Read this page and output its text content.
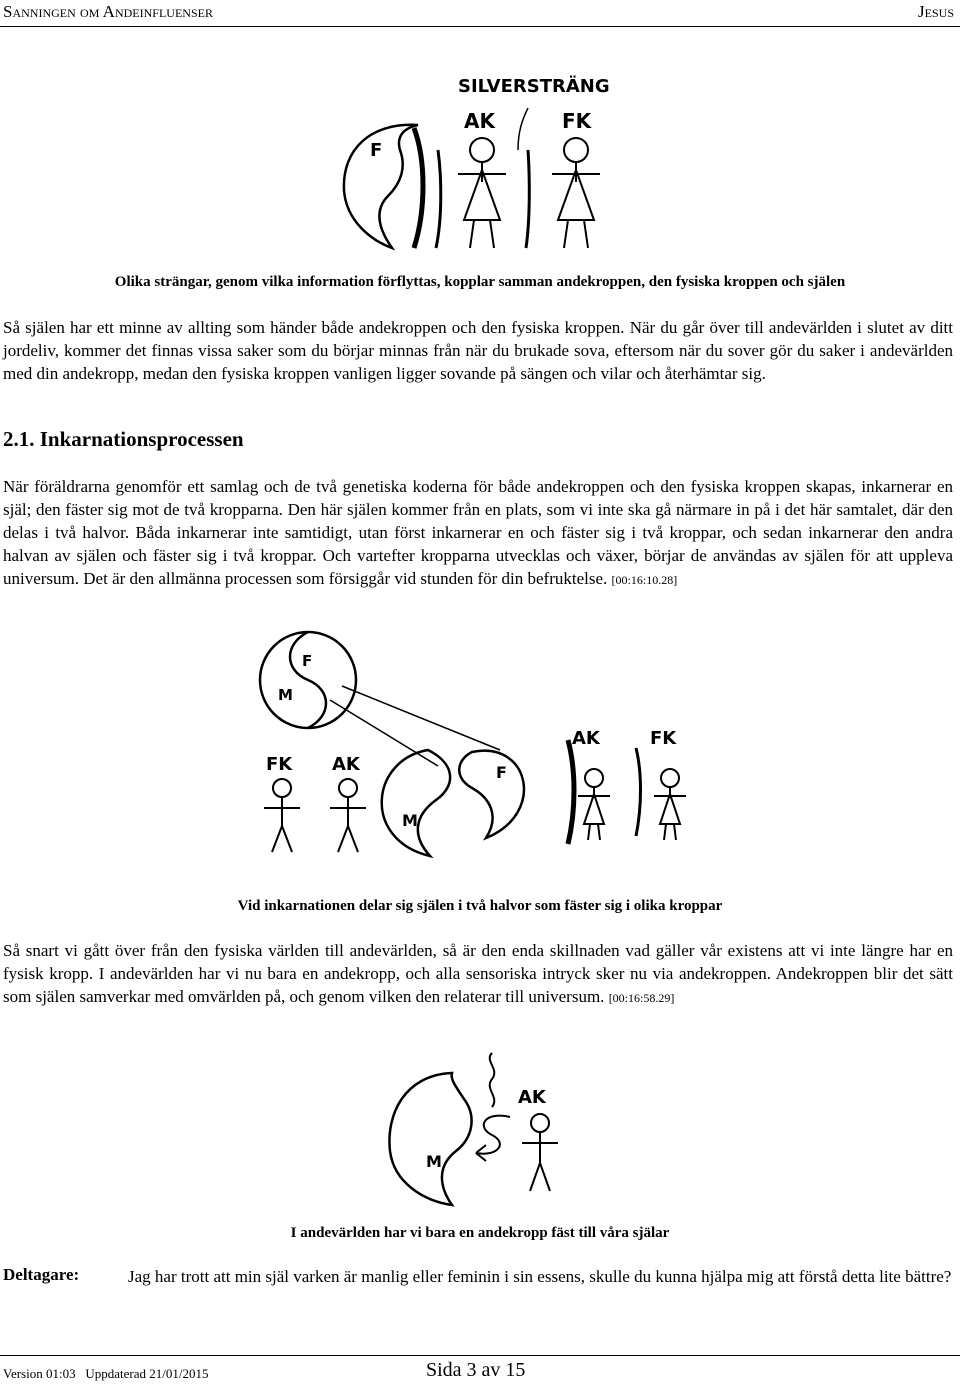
Sanningen om Andeinfluenser	Jesus
SILVERSTRÄNG
AK	FK
F
Olika strängar, genom vilka information förflyttas, kopplar samman andekroppen, den fysiska kroppen och själen
Så själen har ett minne av allting som händer både andekroppen och den fysiska kroppen. När du går över till andevärlden i slutet av ditt jordeliv, kommer det finnas vissa saker som du börjar minnas från när du brukade sova, eftersom när du sover gör du saker i andevärlden med din andekropp, medan den fysiska kroppen vanligen ligger sovande på sängen och vilar och återhämtar sig.
2.1. Inkarnationsprocessen
När föräldrarna genomför ett samlag och de två genetiska koderna för både andekroppen och den fysiska kroppen skapas, inkarnerar en själ; den fäster sig mot de två kropparna. Den här själen kommer från en plats, som vi inte ska gå närmare in på i det här samtalet, där den delas i två halvor. Båda inkarnerar inte samtidigt, utan först inkarnerar en och fäster sig i två kroppar, och sedan inkarnerar den andra halvan av själen och fäster sig i två kroppar. Och vartefter kropparna utvecklas och växer, börjar de användas av själen för att uppleva universum. Det är den allmänna processen som försiggår vid stunden för din befruktelse. [00:16:10.28]
F
M
FK AK
M
F
AK	FK
Vid inkarnationen delar sig själen i två halvor som fäster sig i olika kroppar
Så snart vi gått över från den fysiska världen till andevärlden, så är den enda skillnaden vad gäller vår existens att vi inte längre har en fysisk kropp. I andevärlden har vi nu bara en andekropp, och alla sensoriska intryck sker nu via andekroppen. Andekroppen blir det sätt som själen samverkar med omvärlden på, och genom vilken den relaterar till universum. [00:16:58.29]
AK
M
I andevärlden har vi bara en andekropp fäst till våra själar
Deltagare:	Jag har trott att min själ varken är manlig eller feminin i sin essens, skulle du kunna hjälpa mig att förstå detta lite bättre?
Version 01:03   Uppdaterad 21/01/2015	Sida 3 av 15
